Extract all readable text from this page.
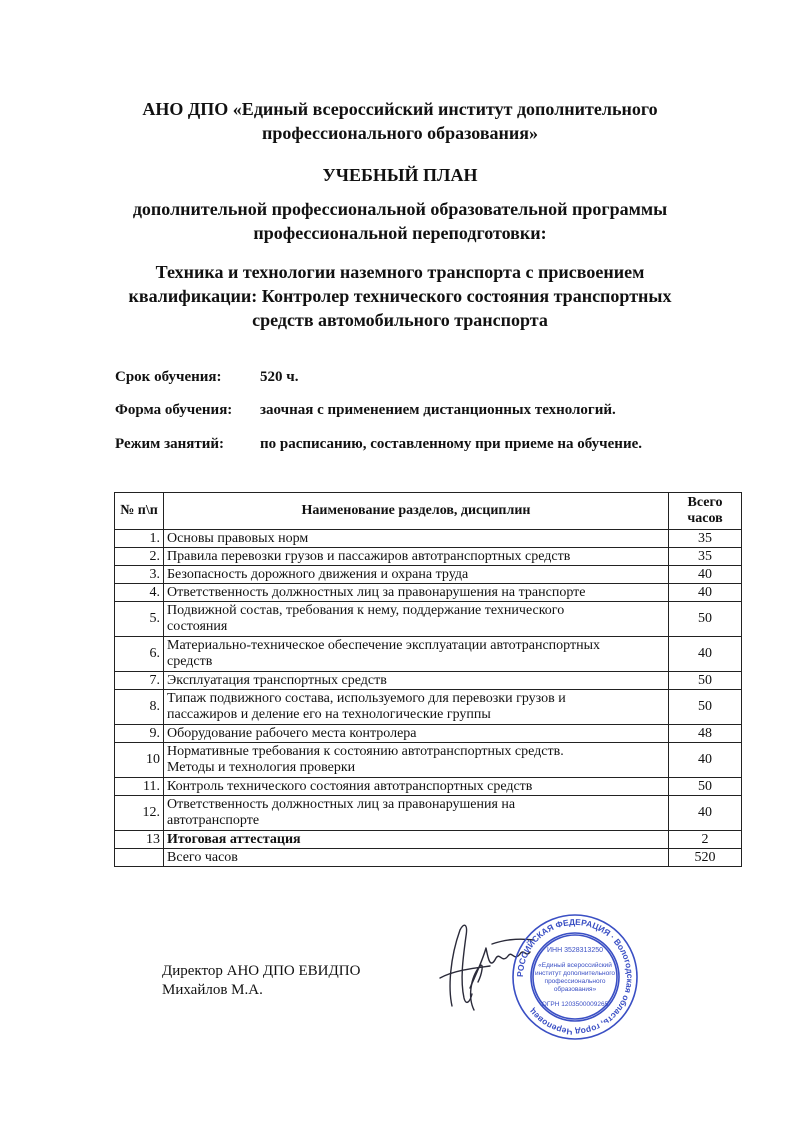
АНО ДПО «Единый всероссийский институт дополнительного
профессионального образования»
УЧЕБНЫЙ ПЛАН
дополнительной профессиональной образовательной программы
профессиональной переподготовки:
Техника и технологии наземного транспорта с присвоением
квалификации: Контролер технического состояния транспортных
средств автомобильного транспорта
Срок обучения:	520 ч.
Форма обучения: заочная с применением дистанционных технологий.
Режим занятий: по расписанию, составленному при приеме на обучение.
№ п\п	Наименование разделов, дисциплин	Всего
часов

1.	Основы правовых норм	35
2.	Правила перевозки грузов и пассажиров автотранспортных средств	35
3.	Безопасность дорожного движения и охрана труда	40
4.	Ответственность должностных лиц за правонарушения на транспорте	40
5.	Подвижной состав, требования к нему, поддержание технического
состояния	50
6.	Материально-техническое обеспечение эксплуатации автотранспортных
средств	40
7.	Эксплуатация транспортных средств	50
8.	Типаж подвижного состава, используемого для перевозки грузов и
пассажиров и деление его на технологические группы	50
9.	Оборудование рабочего места контролера	48
10	Нормативные требования к состоянию автотранспортных средств.
Методы и технология проверки	40
11.	Контроль технического состояния автотранспортных средств	50
12.	Ответственность должностных лиц за правонарушения на
автотранспорте	40
13	Итоговая аттестация	2
	Всего часов	520
Директор АНО ДПО ЕВИДПО
Михайлов М.А.
РОССИЙСКАЯ ФЕДЕРАЦИЯ · Вологодская область, город Череповец
ИНН 3528313250
«Единый всероссийский
институт дополнительного
профессионального
образования»
ОГРН 1203500009265
